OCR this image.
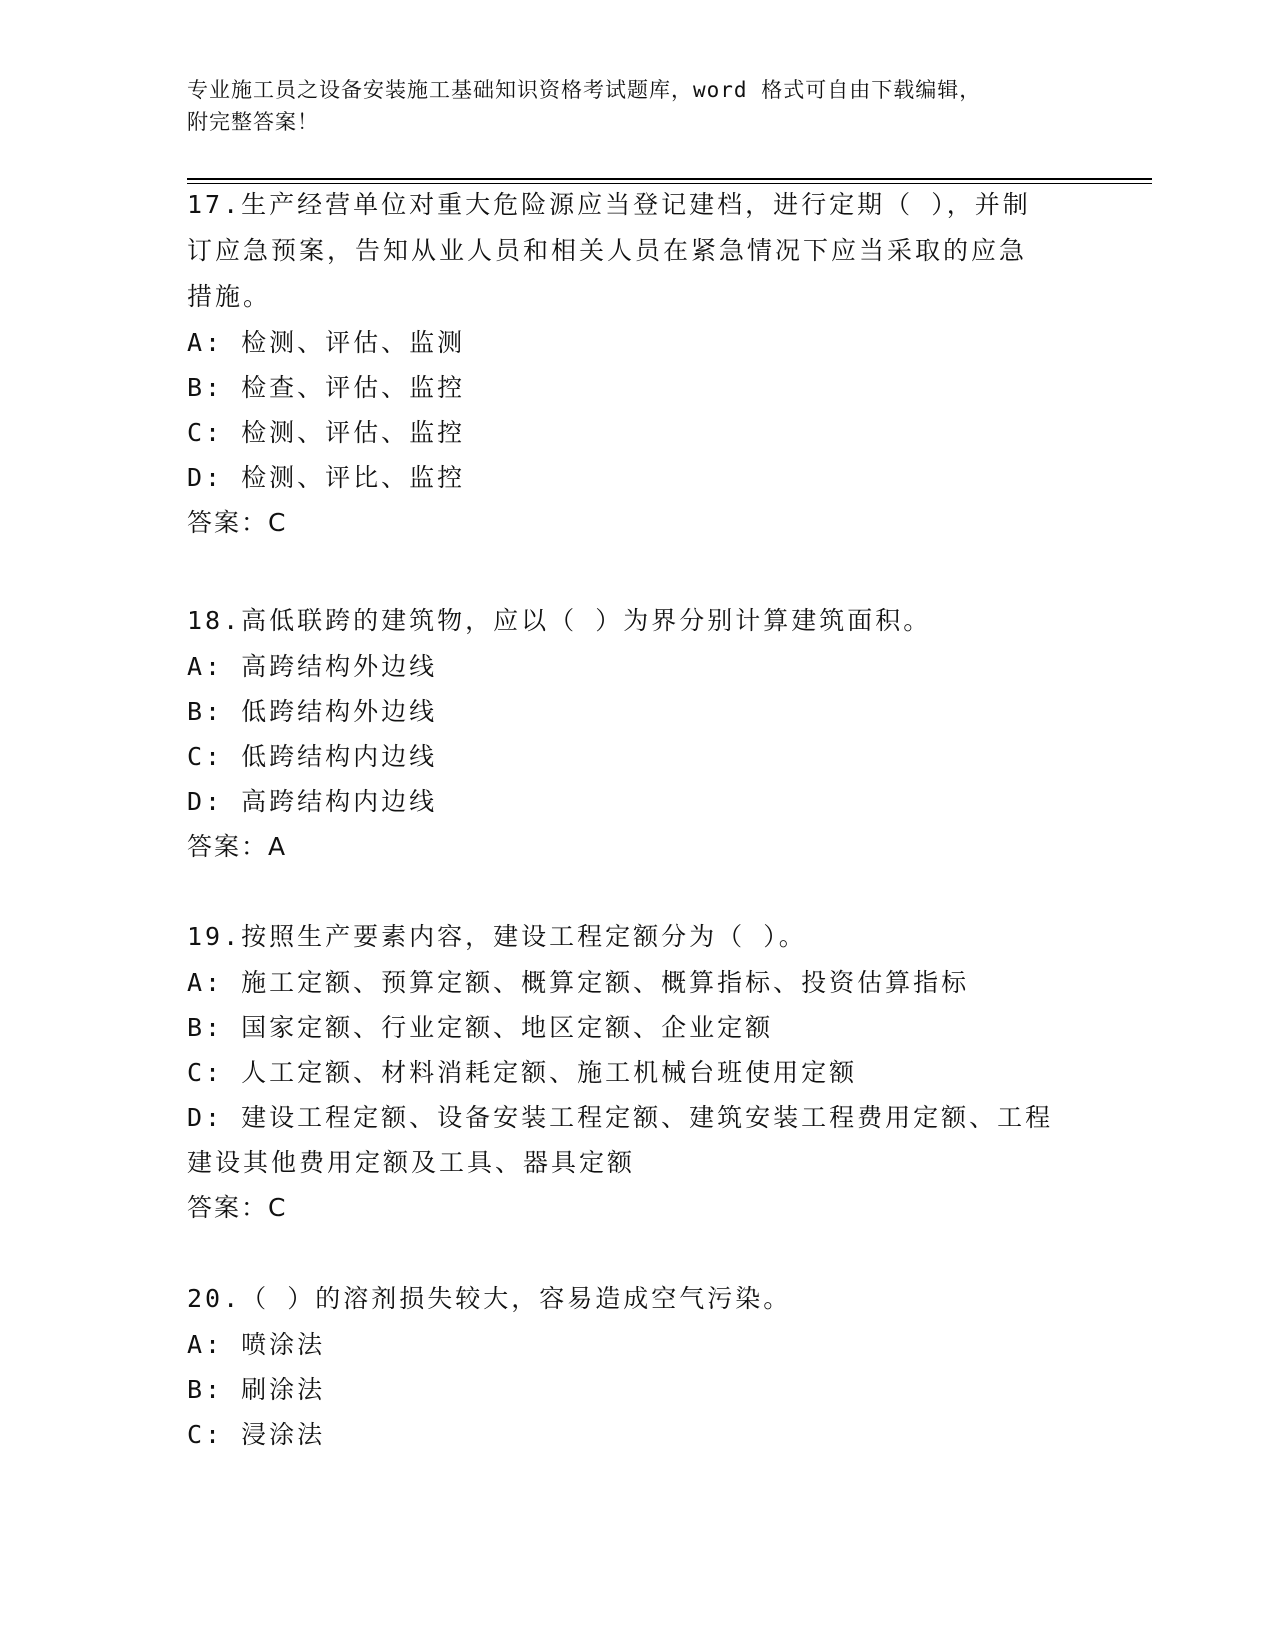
专业施工员之设备安装施工基础知识资格考试题库，word 格式可自由下载编辑，
附完整答案！
17.生产经营单位对重大危险源应当登记建档，进行定期（ ），并制
订应急预案，告知从业人员和相关人员在紧急情况下应当采取的应急
措施。
A: 检测、评估、监测
B: 检查、评估、监控
C: 检测、评估、监控
D: 检测、评比、监控
答案：C
18.高低联跨的建筑物，应以（ ）为界分别计算建筑面积。
A: 高跨结构外边线
B: 低跨结构外边线
C: 低跨结构内边线
D: 高跨结构内边线
答案：A
19.按照生产要素内容，建设工程定额分为（ ）。
A: 施工定额、预算定额、概算定额、概算指标、投资估算指标
B: 国家定额、行业定额、地区定额、企业定额
C: 人工定额、材料消耗定额、施工机械台班使用定额
D: 建设工程定额、设备安装工程定额、建筑安装工程费用定额、工程
建设其他费用定额及工具、器具定额
答案：C
20.（ ）的溶剂损失较大，容易造成空气污染。
A: 喷涂法
B: 刷涂法
C: 浸涂法
